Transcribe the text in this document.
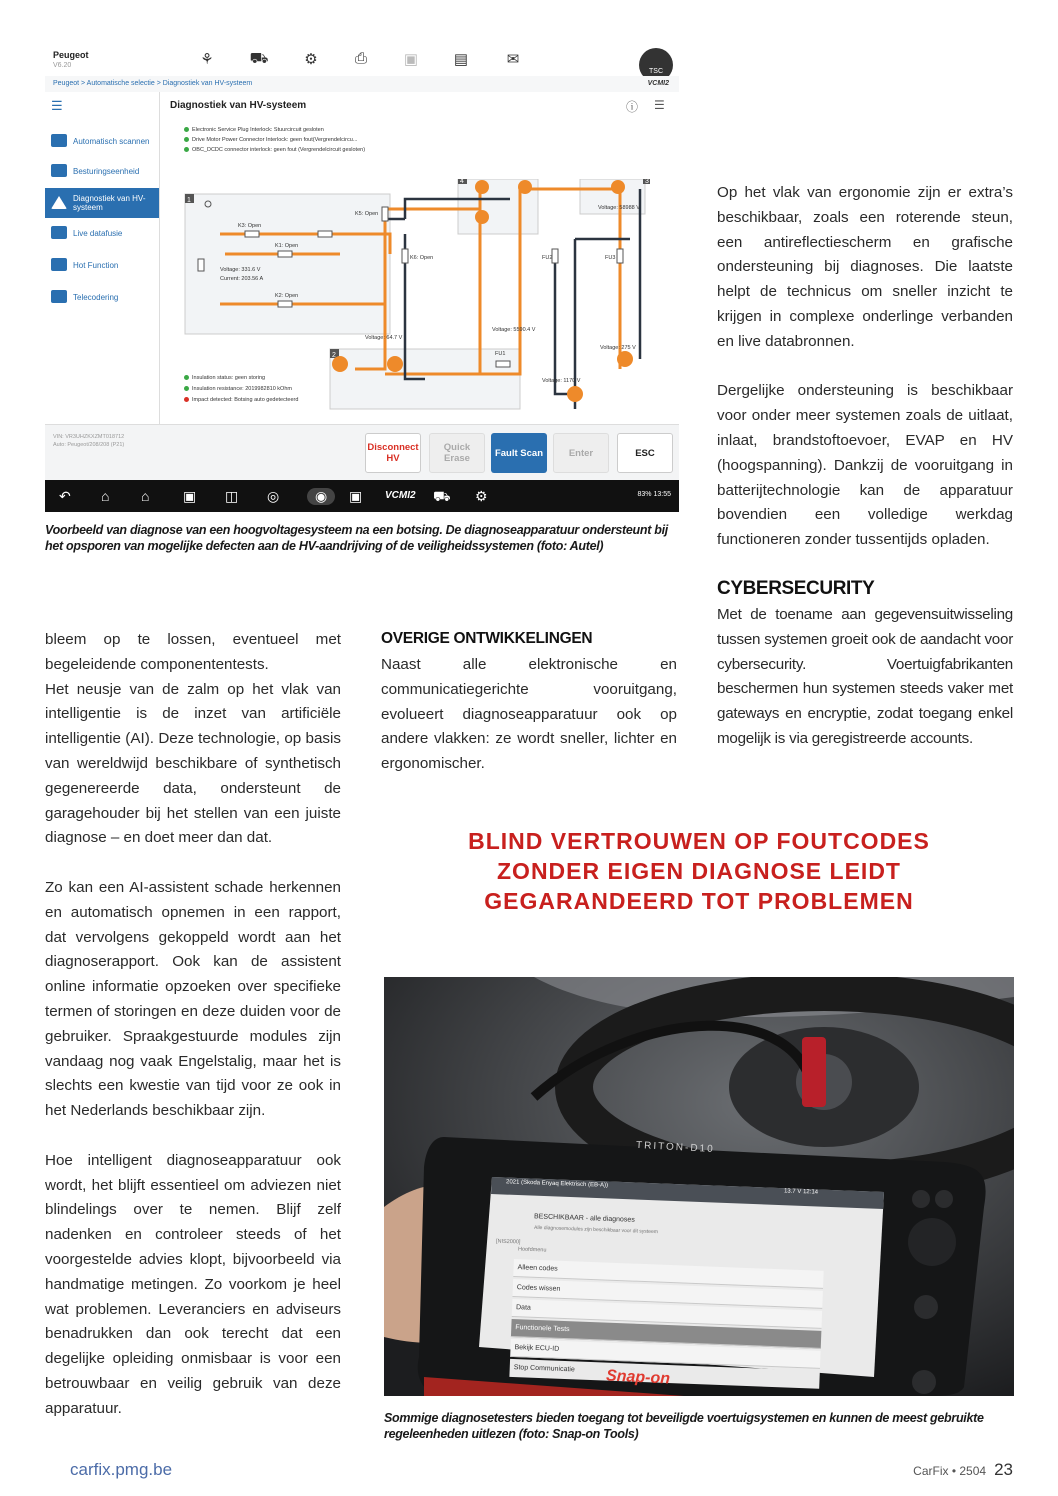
Peugeot
V6.20	⚘ ⛟ ⚙ ⎙ ▣ ▤	✉
TSC
Peugeot > Automatische selectie > Diagnostiek van HV-systeem	VCMI2
☰
Automatisch scannen
Besturingseenheid
Diagnostiek van HV-systeem
Live datafusie
Hot Function
Telecodering
Diagnostiek van HV-systeem	ⓘ ☰
Electronic Service Plug Interlock: Stuurcircuit gesloten
Drive Motor Power Connector Interlock: geen fout(Vergrendelcircu...
OBC_DCDC connector interlock: geen fout (Vergrendelcircuit gesloten)
Insulation status: geen storing
Insulation resistance: 2019982810 kOhm
Impact detected: Botsing auto gedetecteerd
1
2
3
4
K3: Open
K1: Open
K2: Open
K5: Open
K6: Open
FU1
FU2	FU3
Voltage: 331.6 V
Current: 203.56 A
Voltage: 64.7 V
Voltage: 5590.4 V
Voltage: 58988 V
Voltage: 275 V
Voltage: 1170 V
VIN: VR3UHZKXZMT018712
Auto: Peugeot/208/208 (P21)	Disconnect HV
Quick Erase	Fault Scan	Enter	ESC
↶ ⌂ ⌂ ▣ ◫ ◎	◉	▣ VCMI2 ⛟ ⚙	83% 13:55
Voorbeeld van diagnose van een hoogvoltagesysteem na een botsing. De diagnoseapparatuur ondersteunt bij het opsporen van mogelijke defecten aan de HV-aandrijving of de veiligheidssystemen (foto: Autel)

Op het vlak van ergonomie zijn er extra’s beschikbaar, zoals een roterende steun, een antireflectiescherm en grafische ondersteuning bij diagnoses. Die laatste helpt de technicus om sneller inzicht te krijgen in complexe onderlinge verbanden en live databronnen.

Dergelijke ondersteuning is beschikbaar voor onder meer systemen zoals de uitlaat, inlaat, brandstoftoevoer, EVAP en HV (hoogspanning). Dankzij de vooruitgang in batterijtechnologie kan de apparatuur bovendien een volledige werkdag functioneren zonder tussentijds opladen.

CYBERSECURITY
Met de toename aan gegevensuitwisseling tussen systemen groeit ook de aandacht voor cybersecurity. Voertuigfabrikanten beschermen hun systemen steeds vaker met gateways en encryptie, zodat toegang enkel mogelijk is via geregistreerde accounts.

bleem op te lossen, eventueel met begeleidende componententests.

Het neusje van de zalm op het vlak van intelligentie is de inzet van artificiële intelligentie (AI). Deze technologie, op basis van wereldwijd beschikbare of synthetisch gegenereerde data, ondersteunt de garagehouder bij het stellen van een juiste diagnose – en doet meer dan dat.

Zo kan een AI-assistent schade herkennen en automatisch opnemen in een rapport, dat vervolgens gekoppeld wordt aan het diagnoserapport. Ook kan de assistent online informatie opzoeken over specifieke termen of storingen en deze duiden voor de gebruiker. Spraakgestuurde modules zijn vandaag nog vaak Engelstalig, maar het is slechts een kwestie van tijd voor ze ook in het Nederlands beschikbaar zijn.

Hoe intelligent diagnoseapparatuur ook wordt, het blijft essentieel om adviezen niet blindelings over te nemen. Blijf zelf nadenken en controleer steeds of het voorgestelde advies klopt, bijvoorbeeld via handmatige metingen. Zo voorkom je heel wat problemen. Leveranciers en adviseurs benadrukken dan ook terecht dat een degelijke opleiding onmisbaar is voor een betrouwbaar en veilig gebruik van deze apparatuur.

OVERIGE ONTWIKKELINGEN
Naast alle elektronische en communicatiegerichte vooruitgang, evolueert diagnoseapparatuur ook op andere vlakken: ze wordt sneller, lichter en ergonomischer.
BLIND VERTROUWEN OP FOUTCODES
ZONDER EIGEN DIAGNOSE LEIDT
GEGARANDEERD TOT PROBLEMEN
TRITON-D10
2021 (Skoda Enyaq Elektrisch (EB-A))
13.7 V 12:14
BESCHIKBAAR - alle diagnoses
Alle diagnosemodules zijn beschikbaar voor dit systeem
[NIS2000]
Hoofdmenu
Alleen codes
Codes wissen
Data
Functionele Tests
Bekijk ECU-ID
Stop Communicatie	Snap-on
Sommige diagnosetesters bieden toegang tot beveiligde voertuigsystemen en kunnen de meest gebruikte regeleenheden uitlezen (foto: Snap-on Tools)
carfix.pmg.be	CarFix • 2504 23
